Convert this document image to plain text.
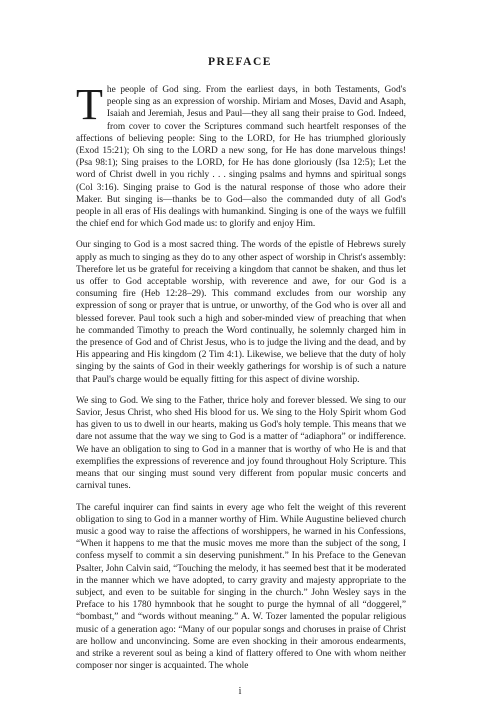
PREFACE

The people of God sing. From the earliest days, in both Testaments, God's people sing as an expression of worship. Miriam and Moses, David and Asaph, Isaiah and Jeremiah, Jesus and Paul—they all sang their praise to God. Indeed, from cover to cover the Scriptures command such heartfelt responses of the affections of believing people: Sing to the LORD, for He has triumphed gloriously (Exod 15:21); Oh sing to the LORD a new song, for He has done marvelous things! (Psa 98:1); Sing praises to the LORD, for He has done gloriously (Isa 12:5); Let the word of Christ dwell in you richly . . . singing psalms and hymns and spiritual songs (Col 3:16). Singing praise to God is the natural response of those who adore their Maker. But singing is—thanks be to God—also the commanded duty of all God's people in all eras of His dealings with humankind. Singing is one of the ways we fulfill the chief end for which God made us: to glorify and enjoy Him.

Our singing to God is a most sacred thing. The words of the epistle of Hebrews surely apply as much to singing as they do to any other aspect of worship in Christ's assembly: Therefore let us be grateful for receiving a kingdom that cannot be shaken, and thus let us offer to God acceptable worship, with reverence and awe, for our God is a consuming fire (Heb 12:28–29). This command excludes from our worship any expression of song or prayer that is untrue, or unworthy, of the God who is over all and blessed forever. Paul took such a high and sober-minded view of preaching that when he commanded Timothy to preach the Word continually, he solemnly charged him in the presence of God and of Christ Jesus, who is to judge the living and the dead, and by His appearing and His kingdom (2 Tim 4:1). Likewise, we believe that the duty of holy singing by the saints of God in their weekly gatherings for worship is of such a nature that Paul's charge would be equally fitting for this aspect of divine worship.

We sing to God. We sing to the Father, thrice holy and forever blessed. We sing to our Savior, Jesus Christ, who shed His blood for us. We sing to the Holy Spirit whom God has given to us to dwell in our hearts, making us God's holy temple. This means that we dare not assume that the way we sing to God is a matter of “adiaphora” or indifference. We have an obligation to sing to God in a manner that is worthy of who He is and that exemplifies the expressions of reverence and joy found throughout Holy Scripture. This means that our singing must sound very different from popular music concerts and carnival tunes.

The careful inquirer can find saints in every age who felt the weight of this reverent obligation to sing to God in a manner worthy of Him. While Augustine believed church music a good way to raise the affections of worshippers, he warned in his Confessions, “When it happens to me that the music moves me more than the subject of the song, I confess myself to commit a sin deserving punishment.” In his Preface to the Genevan Psalter, John Calvin said, “Touching the melody, it has seemed best that it be moderated in the manner which we have adopted, to carry gravity and majesty appropriate to the subject, and even to be suitable for singing in the church.” John Wesley says in the Preface to his 1780 hymnbook that he sought to purge the hymnal of all “doggerel,” “bombast,” and “words without meaning.” A. W. Tozer lamented the popular religious music of a generation ago: “Many of our popular songs and choruses in praise of Christ are hollow and unconvincing. Some are even shocking in their amorous endearments, and strike a reverent soul as being a kind of flattery offered to One with whom neither composer nor singer is acquainted. The whole

i
